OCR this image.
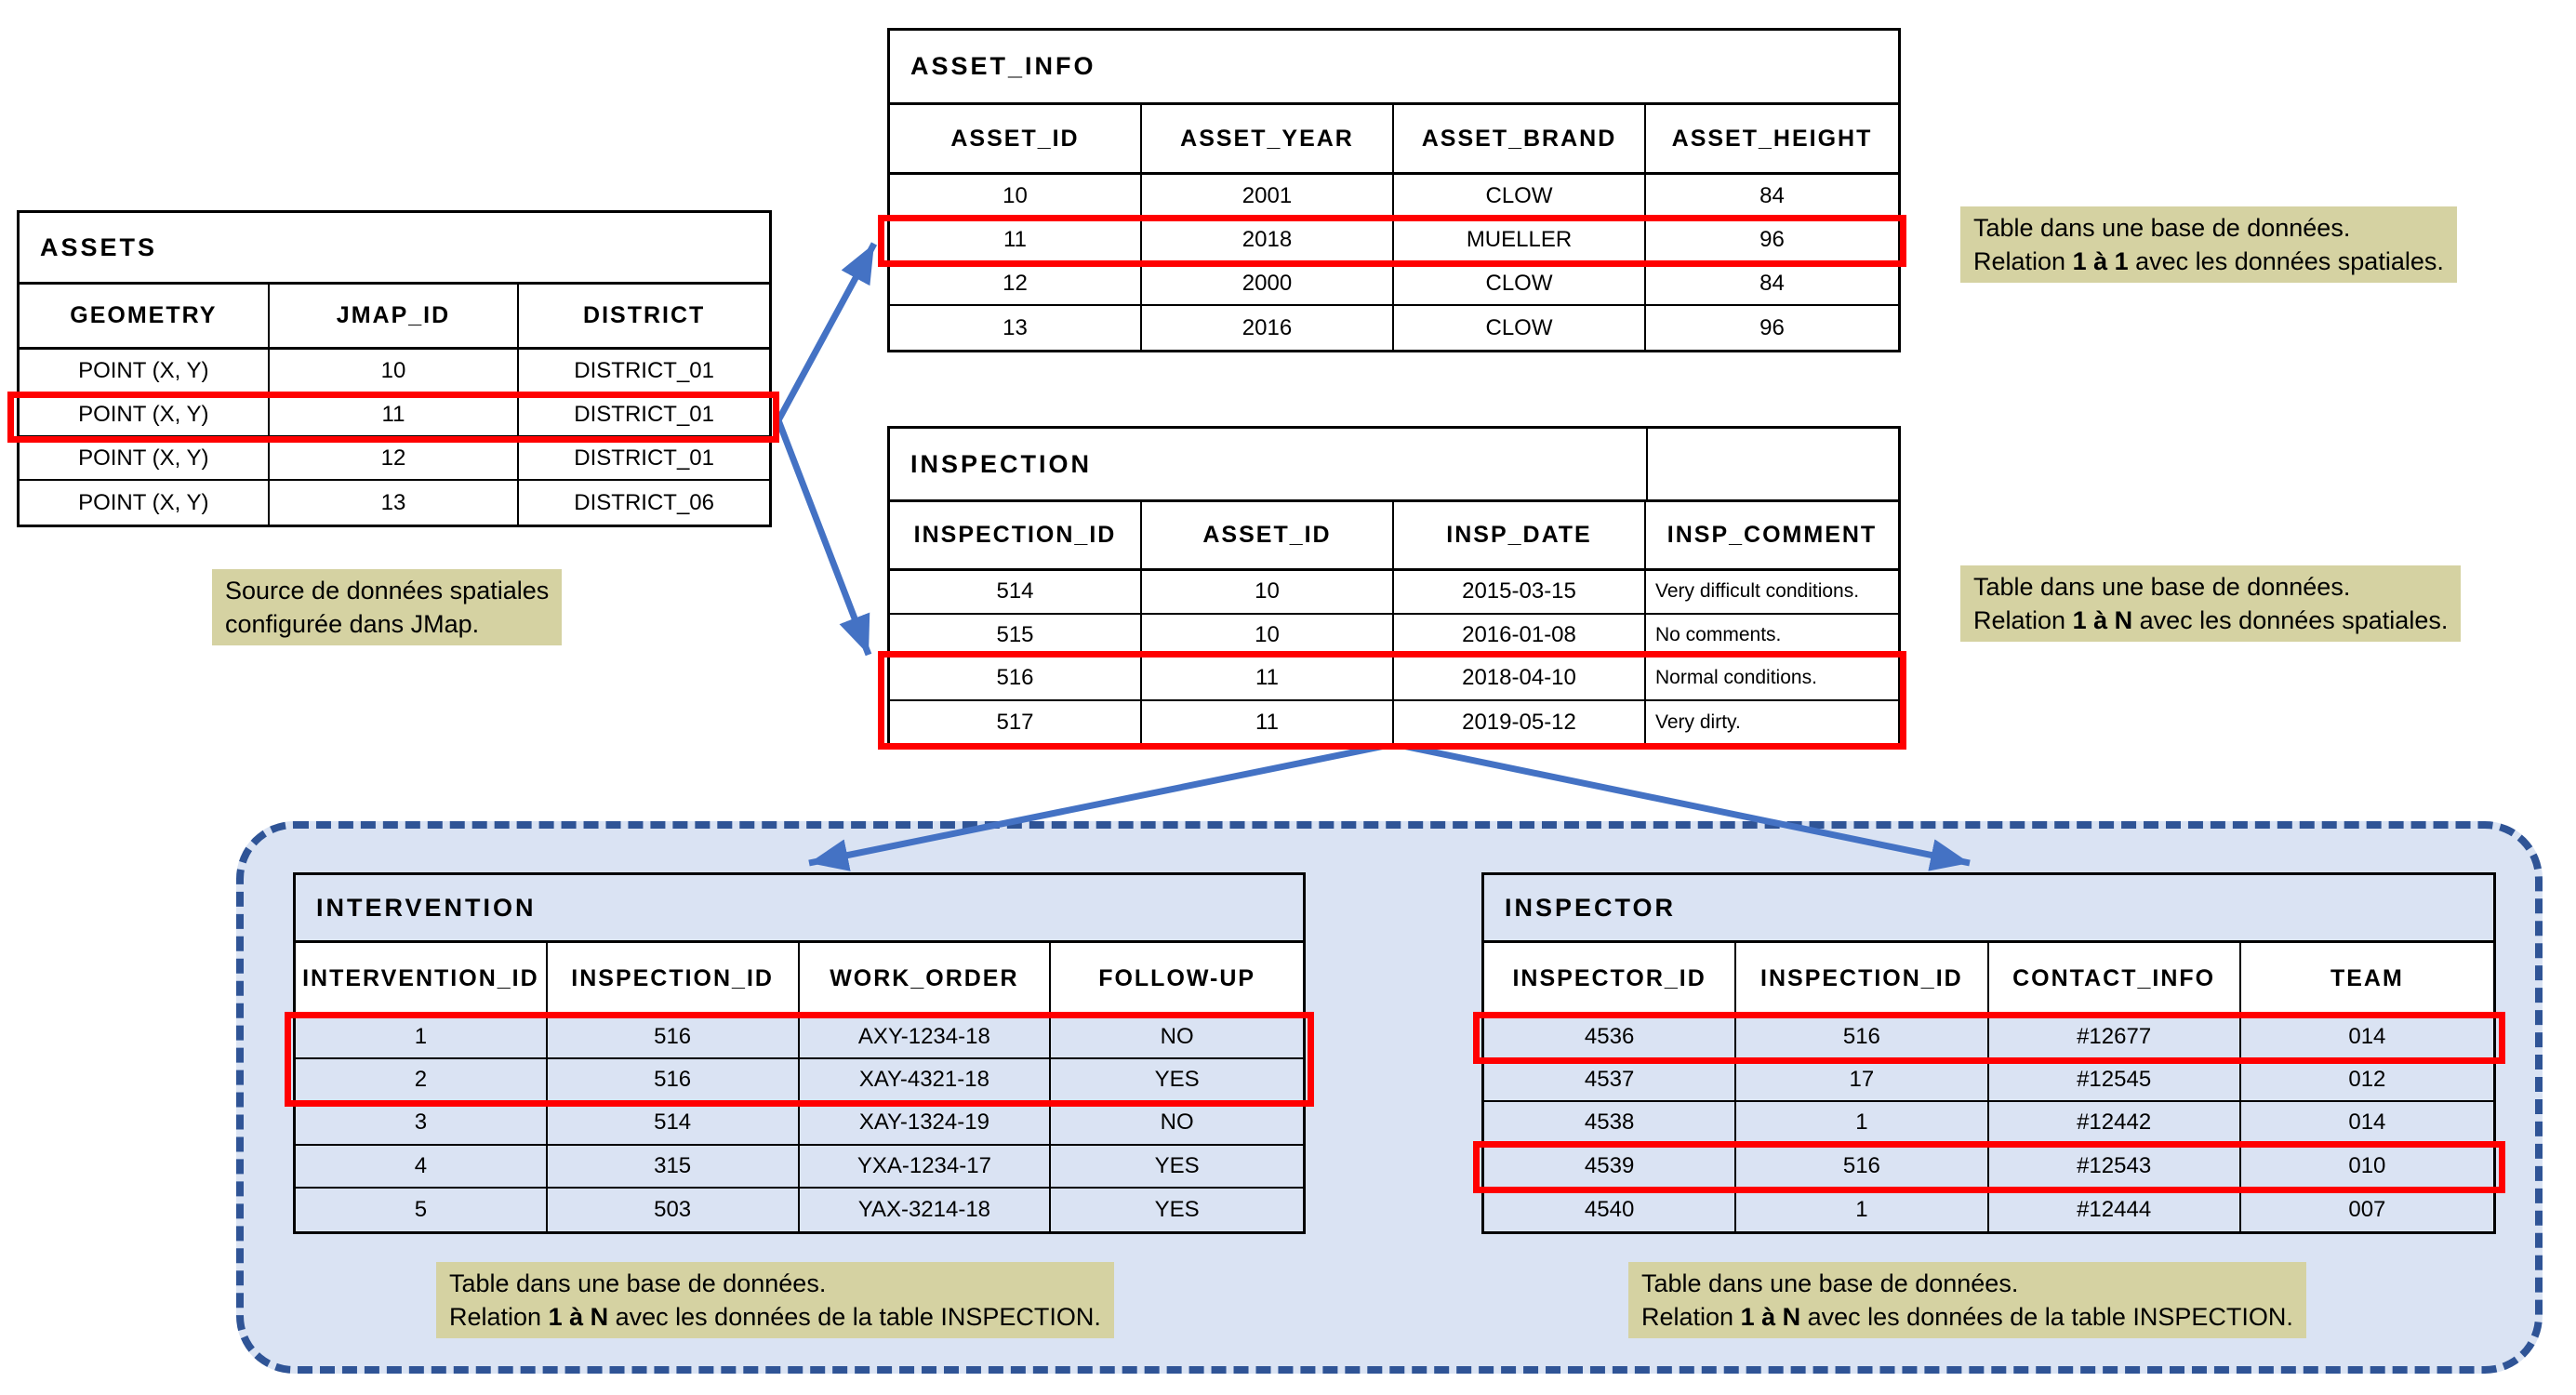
ASSETS
GEOMETRY	JMAP_ID	DISTRICT
POINT (X, Y)	10	DISTRICT_01
POINT (X, Y)	11	DISTRICT_01
POINT (X, Y)	12	DISTRICT_01
POINT (X, Y)	13	DISTRICT_06
ASSET_INFO
ASSET_ID	ASSET_YEAR	ASSET_BRAND	ASSET_HEIGHT
10	2001	CLOW	84
11	2018	MUELLER	96
12	2000	CLOW	84
13	2016	CLOW	96
INSPECTION
INSPECTION_ID	ASSET_ID	INSP_DATE	INSP_COMMENT
514	10	2015-03-15	Very difficult conditions.
515	10	2016-01-08	No comments.
516	11	2018-04-10	Normal conditions.
517	11	2019-05-12	Very dirty.
INTERVENTION
INTERVENTION_ID	INSPECTION_ID	WORK_ORDER	FOLLOW-UP
1	516	AXY-1234-18	NO
2	516	XAY-4321-18	YES
3	514	XAY-1324-19	NO
4	315	YXA-1234-17	YES
5	503	YAX-3214-18	YES
INSPECTOR
INSPECTOR_ID	INSPECTION_ID	CONTACT_INFO	TEAM
4536	516	#12677	014
4537	17	#12545	012
4538	1	#12442	014
4539	516	#12543	010
4540	1	#12444	007
Source de données spatiales
configurée dans JMap.
Table dans une base de données.
Relation 1 à 1 avec les données spatiales.
Table dans une base de données.
Relation 1 à N avec les données spatiales.
Table dans une base de données.
Relation 1 à N avec les données de la table INSPECTION.
Table dans une base de données.
Relation 1 à N avec les données de la table INSPECTION.
